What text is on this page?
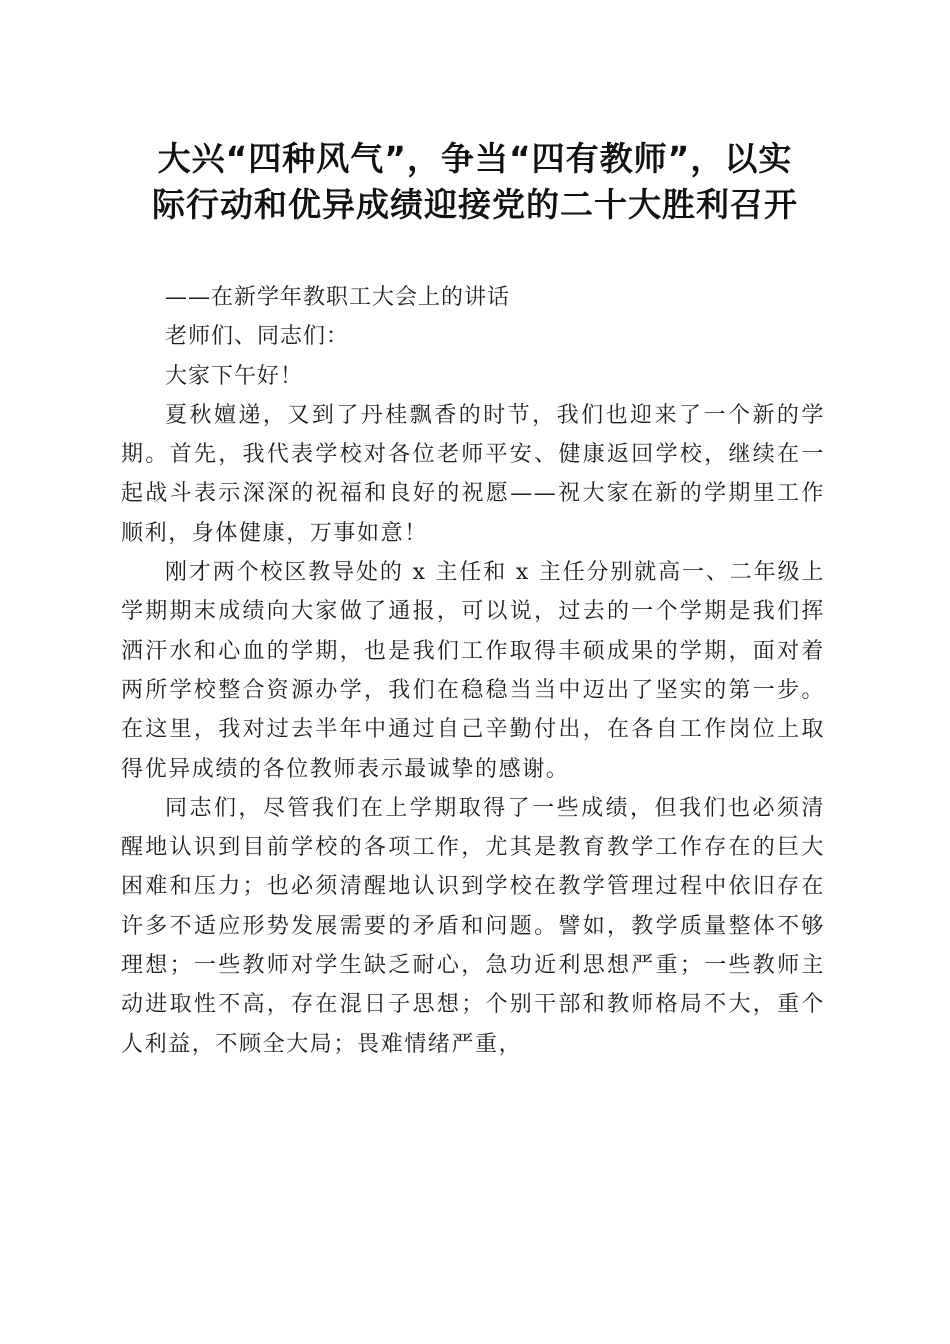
大兴“四种风气”，争当“四有教师”，以实
际行动和优异成绩迎接党的二十大胜利召开

——在新学年教职工大会上的讲话

老师们、同志们：

大家下午好！

夏秋嬗递，又到了丹桂飘香的时节，我们也迎来了一个新的学期。首先，我代表学校对各位老师平安、健康返回学校，继续在一起战斗表示深深的祝福和良好的祝愿——祝大家在新的学期里工作顺利，身体健康，万事如意！

刚才两个校区教导处的 x 主任和 x 主任分别就高一、二年级上学期期末成绩向大家做了通报，可以说，过去的一个学期是我们挥洒汗水和心血的学期，也是我们工作取得丰硕成果的学期，面对着两所学校整合资源办学，我们在稳稳当当中迈出了坚实的第一步。在这里，我对过去半年中通过自己辛勤付出，在各自工作岗位上取得优异成绩的各位教师表示最诚挚的感谢。

同志们，尽管我们在上学期取得了一些成绩，但我们也必须清醒地认识到目前学校的各项工作，尤其是教育教学工作存在的巨大困难和压力；也必须清醒地认识到学校在教学管理过程中依旧存在许多不适应形势发展需要的矛盾和问题。譬如，教学质量整体不够理想；一些教师对学生缺乏耐心，急功近利思想严重；一些教师主动进取性不高，存在混日子思想；个别干部和教师格局不大，重个人利益，不顾全大局；畏难情绪严重，
